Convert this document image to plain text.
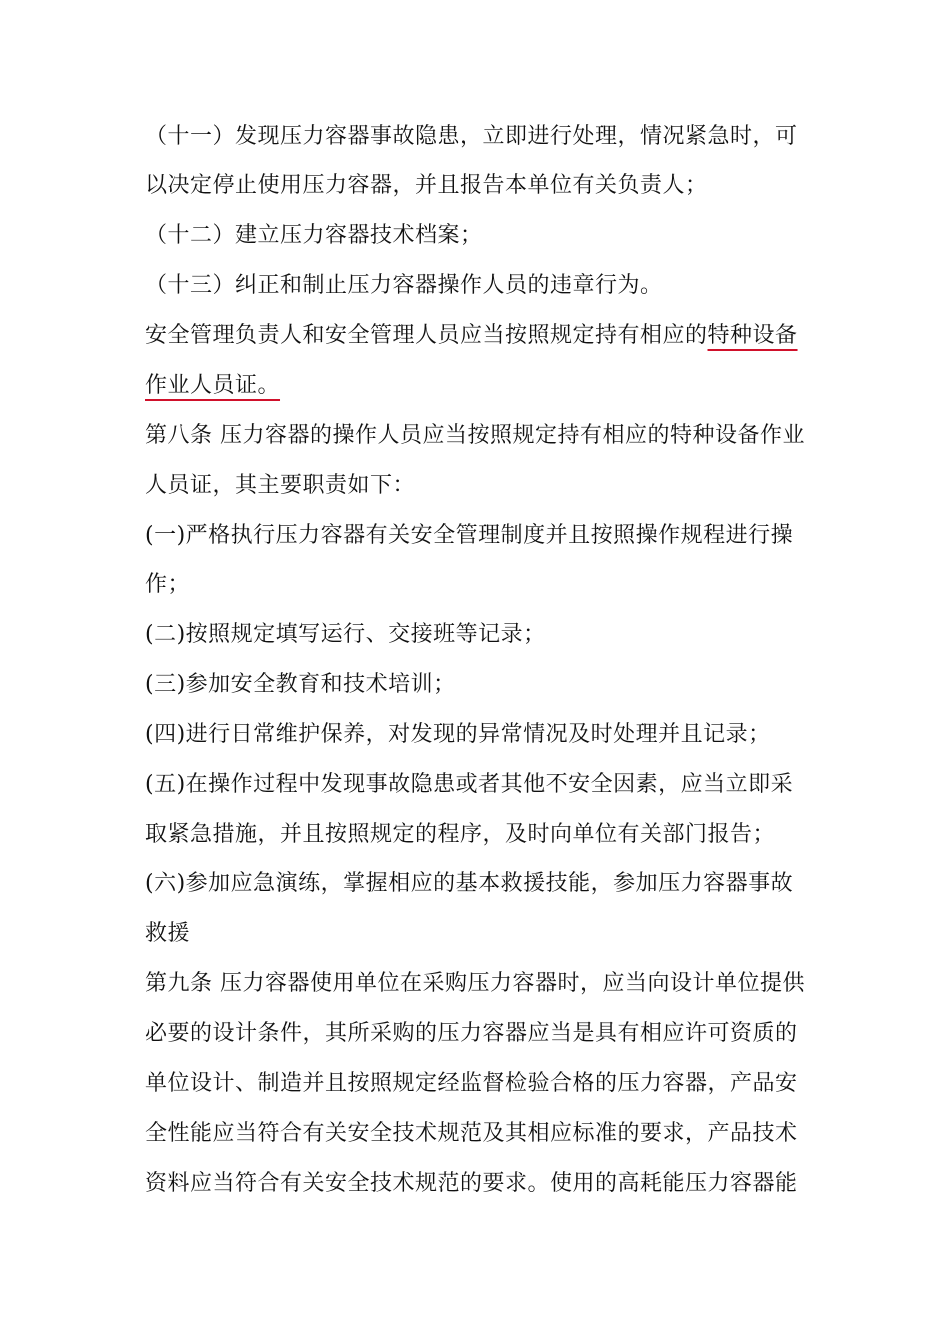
（十一）发现压力容器事故隐患，立即进行处理，情况紧急时，可
以决定停止使用压力容器，并且报告本单位有关负责人；
（十二）建立压力容器技术档案；
（十三）纠正和制止压力容器操作人员的违章行为。
安全管理负责人和安全管理人员应当按照规定持有相应的特种设备
作业人员证。
第八条 压力容器的操作人员应当按照规定持有相应的特种设备作业
人员证，其主要职责如下：
(一)严格执行压力容器有关安全管理制度并且按照操作规程进行操
作；
(二)按照规定填写运行、交接班等记录；
(三)参加安全教育和技术培训；
(四)进行日常维护保养，对发现的异常情况及时处理并且记录；
(五)在操作过程中发现事故隐患或者其他不安全因素，应当立即采
取紧急措施，并且按照规定的程序，及时向单位有关部门报告；
(六)参加应急演练，掌握相应的基本救援技能，参加压力容器事故
救援
第九条 压力容器使用单位在采购压力容器时，应当向设计单位提供
必要的设计条件，其所采购的压力容器应当是具有相应许可资质的
单位设计、制造并且按照规定经监督检验合格的压力容器，产品安
全性能应当符合有关安全技术规范及其相应标准的要求，产品技术
资料应当符合有关安全技术规范的要求。使用的高耗能压力容器能
